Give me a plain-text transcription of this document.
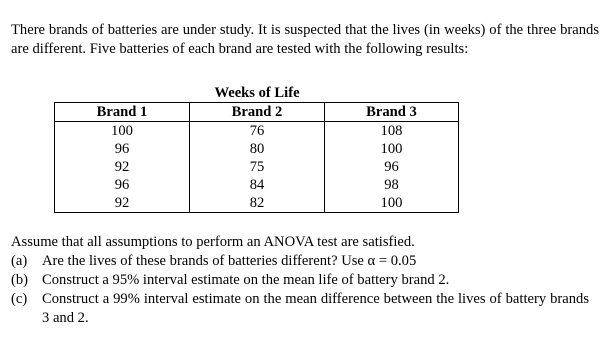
There brands of batteries are under study. It is suspected that the lives (in weeks) of the three brands are different. Five batteries of each brand are tested with the following results:

	Weeks of Life	
Brand 1	Brand 2	Brand 3
100	76	108
96	80	100
92	75	96
96	84	98
92	82	100
Assume that all assumptions to perform an ANOVA test are satisfied.
(a)	Are the lives of these brands of batteries different? Use α = 0.05
(b) Construct a 95% interval estimate on the mean life of battery brand 2.
(c)	Construct a 99% interval estimate on the mean difference between the lives of battery brands 3 and 2.
